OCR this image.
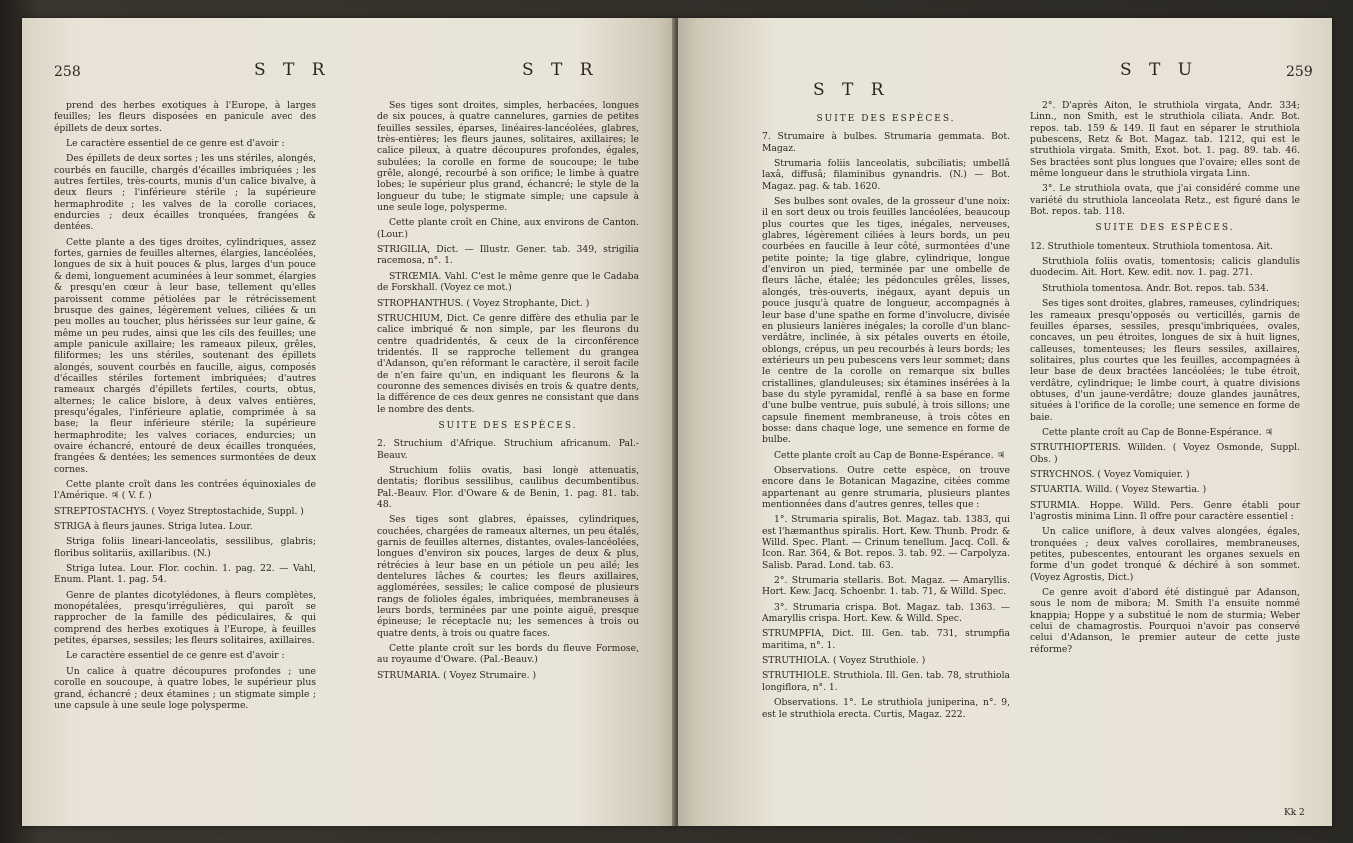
258	S T R	S T R

prend des herbes exotiques à l'Europe, à larges feuilles; les fleurs disposées en panicule avec des épillets de deux sortes.

Le caractère essentiel de ce genre est d'avoir :

Des épillets de deux sortes ; les uns stériles, alongés, courbés en faucille, chargés d'écailles imbriquées ; les autres fertiles, très-courts, munis d'un calice bivalve, à deux fleurs ; l'inférieure stérile ; la supérieure hermaphrodite ; les valves de la corolle coriaces, endurcies ; deux écailles tronquées, frangées & dentées.

Cette plante a des tiges droites, cylindriques, assez fortes, garnies de feuilles alternes, élargies, lancéolées, longues de six à huit pouces & plus, larges d'un pouce & demi, longuement acuminées à leur sommet, élargies & presqu'en cœur à leur base, tellement qu'elles paroissent comme pétiolées par le rétrécissement brusque des gaines, légèrement velues, ciliées & un peu molles au toucher, plus hérissées sur leur gaine, & même un peu rudes, ainsi que les cils des feuilles; une ample panicule axillaire; les rameaux pileux, grêles, filiformes; les uns stériles, soutenant des épillets alongés, souvent courbés en faucille, aigus, composés d'écailles stériles fortement imbriquées; d'autres rameaux chargés d'épillets fertiles, courts, obtus, alternes; le calice bislore, à deux valves entières, presqu'égales, l'inférieure aplatie, comprimée à sa base; la fleur inférieure stérile; la supérieure hermaphrodite; les valves coriaces, endurcies; un ovaire échancré, entouré de deux écailles tronquées, frangées & dentées; les semences surmontées de deux cornes.

Cette plante croît dans les contrées équinoxiales de l'Amérique. ♃ ( V. f. )

STREPTOSTACHYS. ( Voyez Streptostachide, Suppl. )

STRIGA à fleurs jaunes. Striga lutea. Lour.

Striga foliis lineari-lanceolatis, sessilibus, glabris; floribus solitariis, axillaribus. (N.)

Striga lutea. Lour. Flor. cochin. 1. pag. 22. — Vahl, Enum. Plant. 1. pag. 54.

Genre de plantes dicotylédones, à fleurs complètes, monopétalées, presqu'irrégulières, qui paroît se rapprocher de la famille des pédiculaires, & qui comprend des herbes exotiques à l'Europe, à feuilles petites, éparses, sessiles; les fleurs solitaires, axillaires.

Le caractère essentiel de ce genre est d'avoir :

Un calice à quatre découpures profondes ; une corolle en soucoupe, à quatre lobes, le supérieur plus grand, échancré ; deux étamines ; un stigmate simple ; une capsule à une seule loge polysperme.

Ses tiges sont droites, simples, herbacées, longues de six pouces, à quatre cannelures, garnies de petites feuilles sessiles, éparses, linéaires-lancéolées, glabres, très-entières; les fleurs jaunes, solitaires, axillaires; le calice pileux, à quatre découpures profondes, égales, subulées; la corolle en forme de soucoupe; le tube grêle, alongé, recourbé à son orifice; le limbe à quatre lobes; le supérieur plus grand, échancré; le style de la longueur du tube; le stigmate simple; une capsule à une seule loge, polysperme.

Cette plante croît en Chine, aux environs de Canton. (Lour.)

STRIGILIA, Dict. — Illustr. Gener. tab. 349, strigilia racemosa, n°. 1.

STRŒMIA. Vahl. C'est le même genre que le Cadaba de Forskhall. (Voyez ce mot.)

STROPHANTHUS. ( Voyez Strophante, Dict. )

STRUCHIUM, Dict. Ce genre diffère des ethulia par le calice imbriqué & non simple, par les fleurons du centre quadridentés, & ceux de la circonférence tridentés. Il se rapproche tellement du grangea d'Adanson, qu'en réformant le caractère, il seroit facile de n'en faire qu'un, en indiquant les fleurons & la couronne des semences divisés en trois & quatre dents, la différence de ces deux genres ne consistant que dans le nombre des dents.

SUITE DES ESPÈCES.

2. Struchium d'Afrique. Struchium africanum. Pal.-Beauv.

Struchium foliis ovatis, basi longè attenuatis, dentatis; floribus sessilibus, caulibus decumbentibus. Pal.-Beauv. Flor. d'Oware & de Benin, 1. pag. 81. tab. 48.

Ses tiges sont glabres, épaisses, cylindriques, couchées, chargées de rameaux alternes, un peu étalés, garnis de feuilles alternes, distantes, ovales-lancéolées, longues d'environ six pouces, larges de deux & plus, rétrécies à leur base en un pétiole un peu ailé; les dentelures lâches & courtes; les fleurs axillaires, agglomérées, sessiles; le calice composé de plusieurs rangs de folioles égales, imbriquées, membraneuses à leurs bords, terminées par une pointe aiguë, presque épineuse; le réceptacle nu; les semences à trois ou quatre dents, à trois ou quatre faces.

Cette plante croît sur les bords du fleuve Formose, au royaume d'Oware. (Pal.-Beauv.)

STRUMARIA. ( Voyez Strumaire. )

S T R
S T U	259

SUITE DES ESPÈCES.

7. Strumaire à bulbes. Strumaria gemmata. Bot. Magaz.

Strumaria foliis lanceolatis, subciliatis; umbellâ laxâ, diffusâ; filaminibus gynandris. (N.) — Bot. Magaz. pag. & tab. 1620.

Ses bulbes sont ovales, de la grosseur d'une noix: il en sort deux ou trois feuilles lancéolées, beaucoup plus courtes que les tiges, inégales, nerveuses, glabres, légèrement ciliées à leurs bords, un peu courbées en faucille à leur côté, surmontées d'une petite pointe; la tige glabre, cylindrique, longue d'environ un pied, terminée par une ombelle de fleurs lâche, étalée; les pédoncules grêles, lisses, alongés, très-ouverts, inégaux, ayant depuis un pouce jusqu'à quatre de longueur, accompagnés à leur base d'une spathe en forme d'involucre, divisée en plusieurs lanières inégales; la corolle d'un blanc-verdâtre, inclinée, à six pétales ouverts en étoile, oblongs, crépus, un peu recourbés à leurs bords; les extérieurs un peu pubescens vers leur sommet; dans le centre de la corolle on remarque six bulles cristallines, glanduleuses; six étamines insérées à la base du style pyramidal, renflé à sa base en forme d'une bulbe ventrue, puis subulé, à trois sillons; une capsule finement membraneuse, à trois côtes en bosse: dans chaque loge, une semence en forme de bulbe.

Cette plante croît au Cap de Bonne-Espérance. ♃

Observations. Outre cette espèce, on trouve encore dans le Botanican Magazine, citées comme appartenant au genre strumaria, plusieurs plantes mentionnées dans d'autres genres, telles que :

1°. Strumaria spiralis, Bot. Magaz. tab. 1383, qui est l'hæmanthus spiralis. Hort. Kew. Thunb. Prodr. & Willd. Spec. Plant. — Crinum tenellum. Jacq. Coll. & Icon. Rar. 364, & Bot. repos. 3. tab. 92. — Carpolyza. Salisb. Parad. Lond. tab. 63.

2°. Strumaria stellaris. Bot. Magaz. — Amaryllis. Hort. Kew. Jacq. Schoenbr. 1. tab. 71, & Willd. Spec.

3°. Strumaria crispa. Bot. Magaz. tab. 1363. — Amaryllis crispa. Hort. Kew. & Willd. Spec.

STRUMPFIA, Dict. Ill. Gen. tab. 731, strumpfia maritima, n°. 1.

STRUTHIOLA. ( Voyez Struthiole. )

STRUTHIOLE. Struthiola. Ill. Gen. tab. 78, struthiola longiflora, n°. 1.

Observations. 1°. Le struthiola juniperina, n°. 9, est le struthiola erecta. Curtis, Magaz. 222.

2°. D'après Aiton, le struthiola virgata, Andr. 334; Linn., non Smith, est le struthiola ciliata. Andr. Bot. repos. tab. 159 & 149. Il faut en séparer le struthiola pubescens, Retz & Bot. Magaz. tab. 1212, qui est le struthiola virgata. Smith, Exot. bot. 1. pag. 89. tab. 46. Ses bractées sont plus longues que l'ovaire; elles sont de même longueur dans le struthiola virgata Linn.

3°. Le struthiola ovata, que j'ai considéré comme une variété du struthiola lanceolata Retz., est figuré dans le Bot. repos. tab. 118.

SUITE DES ESPÈCES.

12. Struthiole tomenteux. Struthiola tomentosa. Ait.

Struthiola foliis ovatis, tomentosis; calicis glandulis duodecim. Ait. Hort. Kew. edit. nov. 1. pag. 271.

Struthiola tomentosa. Andr. Bot. repos. tab. 534.

Ses tiges sont droites, glabres, rameuses, cylindriques; les rameaux presqu'opposés ou verticillés, garnis de feuilles éparses, sessiles, presqu'imbriquées, ovales, concaves, un peu étroites, longues de six à huit lignes, calleuses, tomenteuses; les fleurs sessiles, axillaires, solitaires, plus courtes que les feuilles, accompagnées à leur base de deux bractées lancéolées; le tube étroit, verdâtre, cylindrique; le limbe court, à quatre divisions obtuses, d'un jaune-verdâtre; douze glandes jaunâtres, situées à l'orifice de la corolle; une semence en forme de baie.

Cette plante croît au Cap de Bonne-Espérance. ♃

STRUTHIOPTERIS. Willden. ( Voyez Osmonde, Suppl. Obs. )

STRYCHNOS. ( Voyez Vomiquier. )

STUARTIA. Willd. ( Voyez Stewartia. )

STURMIA. Hoppe. Willd. Pers. Genre établi pour l'agrostis minima Linn. Il offre pour caractère essentiel :

Un calice uniflore, à deux valves alongées, égales, tronquées ; deux valves corollaires, membraneuses, petites, pubescentes, entourant les organes sexuels en forme d'un godet tronqué & déchiré à son sommet. (Voyez Agrostis, Dict.)

Ce genre avoit d'abord été distingué par Adanson, sous le nom de mibora; M. Smith l'a ensuite nommé knappia; Hoppe y a substitué le nom de sturmia; Weber celui de chamagrostis. Pourquoi n'avoir pas conservé celui d'Adanson, le premier auteur de cette juste réforme?

Kk 2
